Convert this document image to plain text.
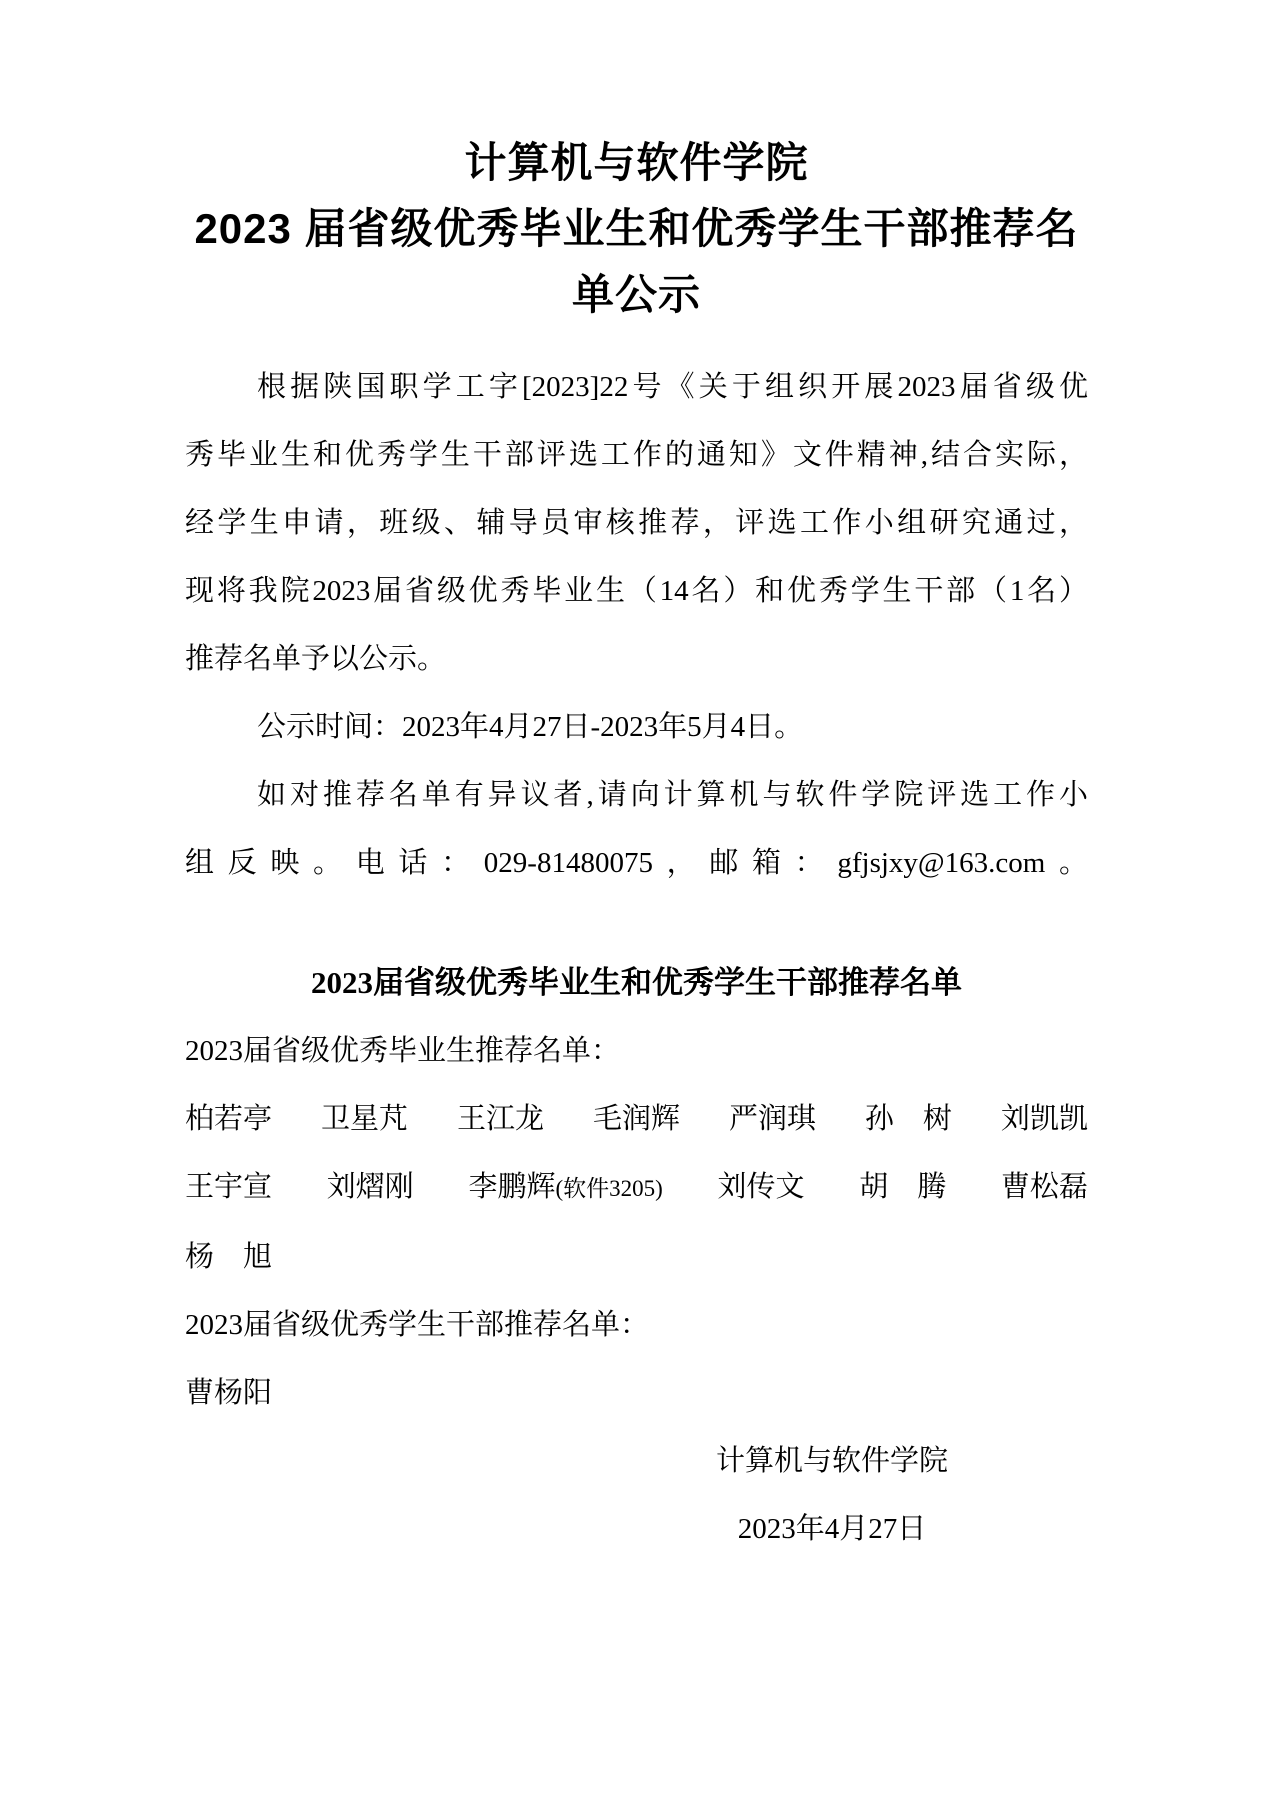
计算机与软件学院
2023 届省级优秀毕业生和优秀学生干部推荐名
单公示
根据陕国职学工字[2023]22号《关于组织开展2023届省级优
秀毕业生和优秀学生干部评选工作的通知》文件精神,结合实际，
经学生申请，班级、辅导员审核推荐，评选工作小组研究通过，
现将我院2023届省级优秀毕业生（14名）和优秀学生干部（1名）
推荐名单予以公示。
公示时间：2023年4月27日-2023年5月4日。
如对推荐名单有异议者,请向计算机与软件学院评选工作小
组反映。电话：029-81480075，邮箱：gfjsjxy@163.com。
2023届省级优秀毕业生和优秀学生干部推荐名单
2023届省级优秀毕业生推荐名单：
柏若亭 卫星芃 王江龙 毛润辉 严润琪 孙　树 刘凯凯
王宇宣 刘熠刚 李鹏辉(软件3205) 刘传文 胡　腾 曹松磊
杨　旭
2023届省级优秀学生干部推荐名单：
曹杨阳
计算机与软件学院
2023年4月27日
